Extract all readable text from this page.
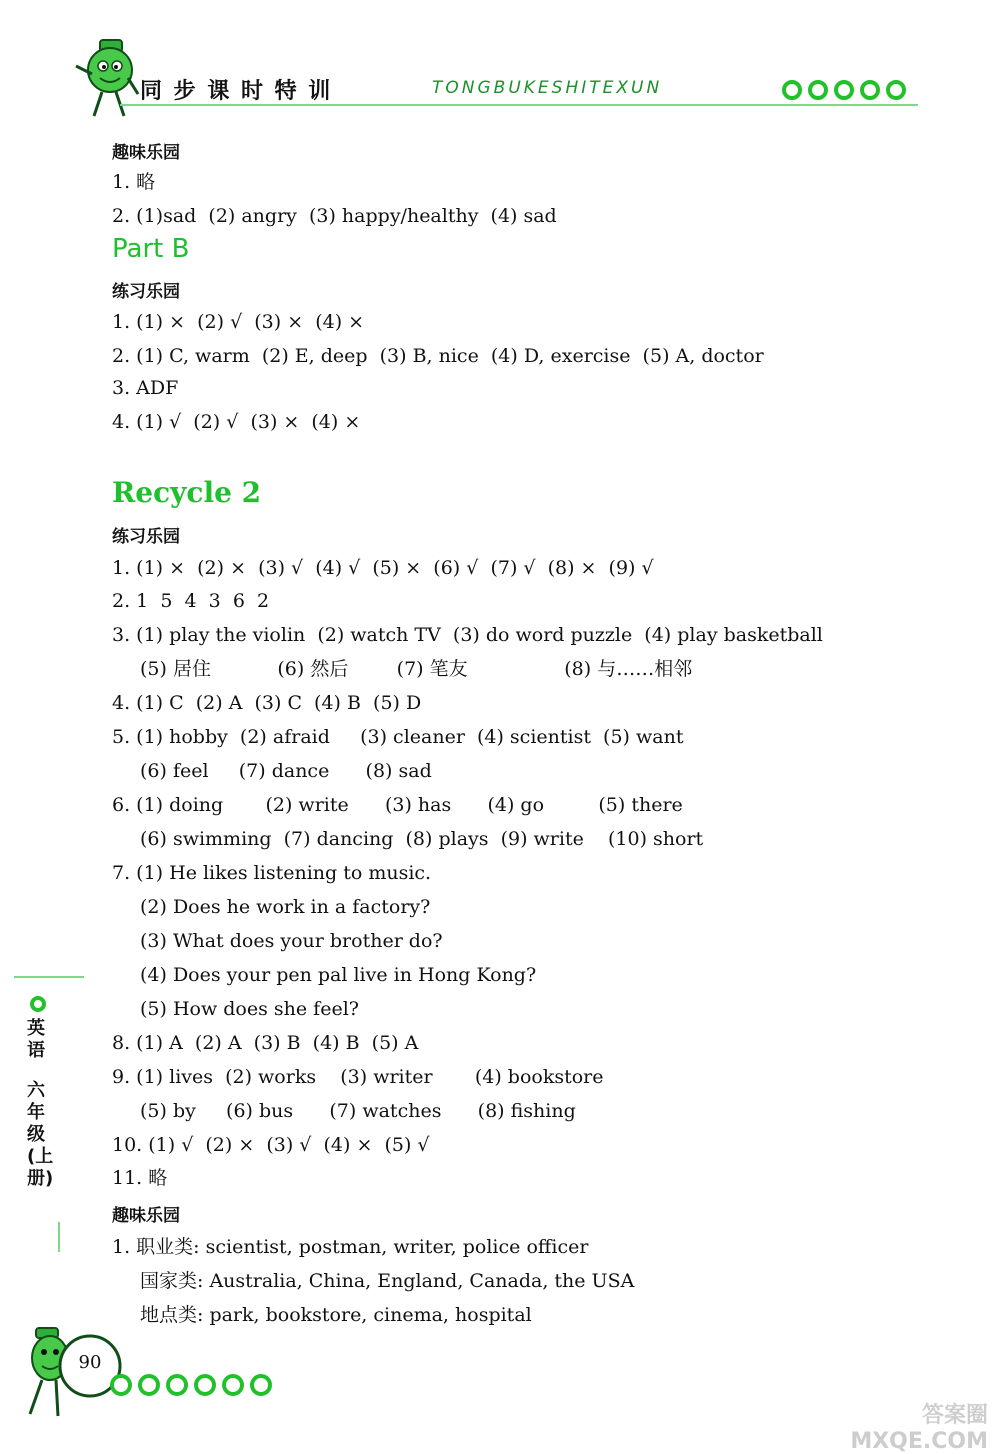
同 步 课 时 特 训	TONGBUKESHITEXUN
趣味乐园
1. 略
2. (1)sad  (2) angry  (3) happy/healthy  (4) sad
Part B
练习乐园
1. (1) ×  (2) √  (3) ×  (4) ×
2. (1) C, warm  (2) E, deep  (3) B, nice  (4) D, exercise  (5) A, doctor
3. ADF
4. (1) √  (2) √  (3) ×  (4) ×
Recycle 2
练习乐园
1. (1) ×  (2) ×  (3) √  (4) √  (5) ×  (6) √  (7) √  (8) ×  (9) √
2. 1  5  4  3  6  2
3. (1) play the violin  (2) watch TV  (3) do word puzzle  (4) play basketball
(5) 居住           (6) 然后        (7) 笔友                (8) 与……相邻
4. (1) C  (2) A  (3) C  (4) B  (5) D
5. (1) hobby  (2) afraid     (3) cleaner  (4) scientist  (5) want
(6) feel     (7) dance      (8) sad
6. (1) doing       (2) write      (3) has      (4) go         (5) there
(6) swimming  (7) dancing  (8) plays  (9) write    (10) short
7. (1) He likes listening to music.
(2) Does he work in a factory?
(3) What does your brother do?
(4) Does your pen pal live in Hong Kong?
(5) How does she feel?
8. (1) A  (2) A  (3) B  (4) B  (5) A
9. (1) lives  (2) works    (3) writer       (4) bookstore
(5) by     (6) bus      (7) watches      (8) fishing
10. (1) √  (2) ×  (3) √  (4) ×  (5) √
11. 略
趣味乐园
1. 职业类: scientist, postman, writer, police officer
国家类: Australia, China, England, Canada, the USA
地点类: park, bookstore, cinema, hospital
英语
六年级(上册)
90
答案圈 MXQE.COM
